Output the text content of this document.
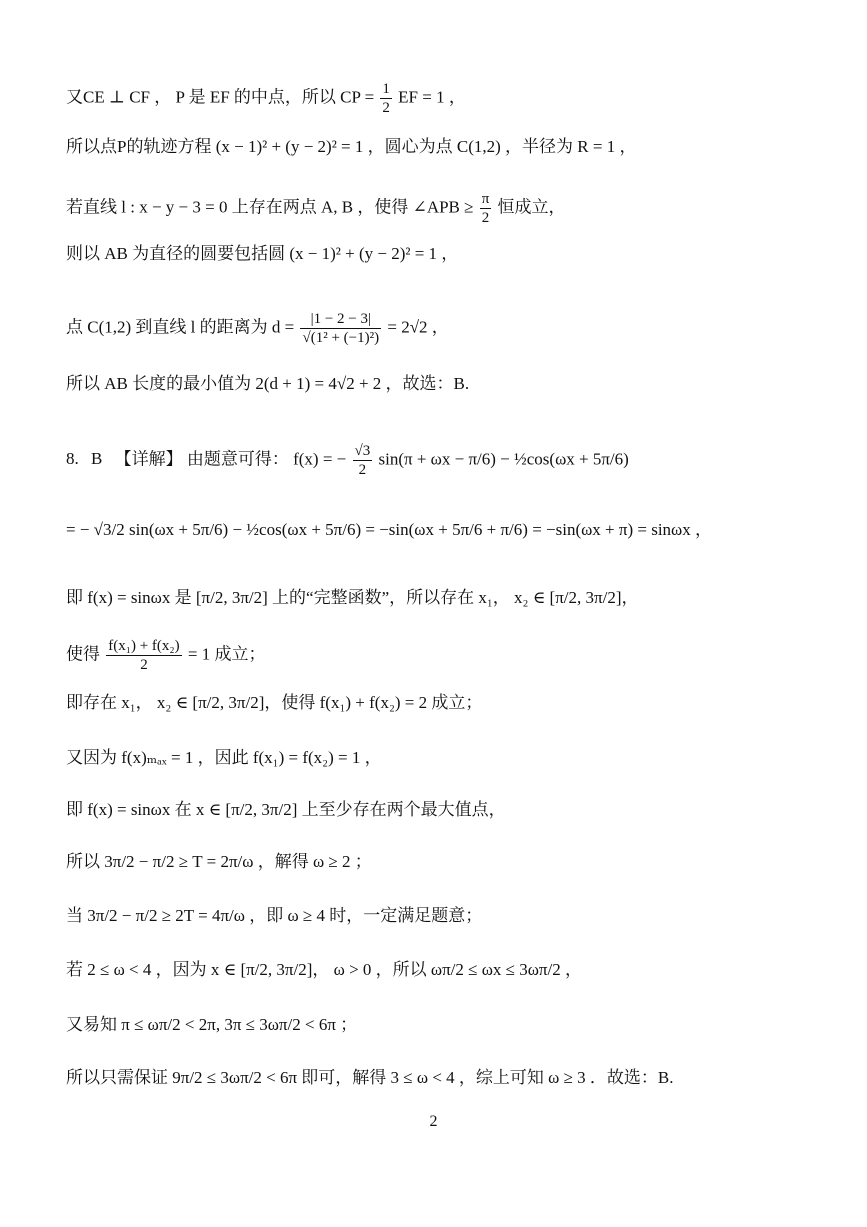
又CE ⊥ CF ， P 是 EF 的中点，所以 CP = $\frac{1}{2}$ EF = 1 ，
所以点P的轨迹方程 (x − 1)² + (y − 2)² = 1 ，圆心为点 C(1,2) ，半径为 R = 1 ，
若直线 l : x − y − 3 = 0 上存在两点 A, B ，使得 ∠APB ≥ $\frac{\pi}{2}$ 恒成立，
则以 AB 为直径的圆要包括圆 (x − 1)² + (y − 2)² = 1 ，
点 C(1,2) 到直线 l 的距离为 $d = \frac{|1 - 2 - 3|}{\text{√(1² + (−1)²)}} = 2√2$ ，
所以 AB 长度的最小值为 2(d + 1) = 4√2 + 2 ，故选：B.
8. B 【详解】 由题意可得： f(x) = − $\frac{√3}{2} \sin(\pi + \omega x - \pi/6)$ − ½cos(ωx + 5π/6)
= − √3/2 sin(ωx + 5π/6) − ½cos(ωx + 5π/6) = −sin(ωx + 5π/6 + π/6) = −sin(ωx + π) = sinωx ，
即 f(x) = sinωx 是 [π/2, 3π/2] 上的“完整函数”，所以存在 x₁， x₂ ∈ [π/2, 3π/2]，
使得 $\frac{\text{f(x₁) + f(x₂)}}{2} = 1$ 成立；
即存在 x₁， x₂ ∈ [π/2, 3π/2]，使得 f(x₁) + f(x₂) = 2 成立；
又因为 f(x)ₘₐₓ = 1 ，因此 f(x₁) = f(x₂) = 1 ，
即 f(x) = sinωx 在 x ∈ [π/2, 3π/2] 上至少存在两个最大值点，
所以 3π/2 − π/2 ≥ T = 2π/ω ，解得 ω ≥ 2 ；
当 3π/2 − π/2 ≥ 2T = 4π/ω ，即 ω ≥ 4 时，一定满足题意；
若 2 ≤ ω < 4 ，因为 x ∈ [π/2, 3π/2]， ω > 0 ，所以 ωπ/2 ≤ ωx ≤ 3ωπ/2 ，
又易知 π ≤ ωπ/2 < 2π, 3π ≤ 3ωπ/2 < 6π ；
所以只需保证 9π/2 ≤ 3ωπ/2 < 6π 即可，解得 3 ≤ ω < 4 ，综上可知 ω ≥ 3 ．故选：B.
2
